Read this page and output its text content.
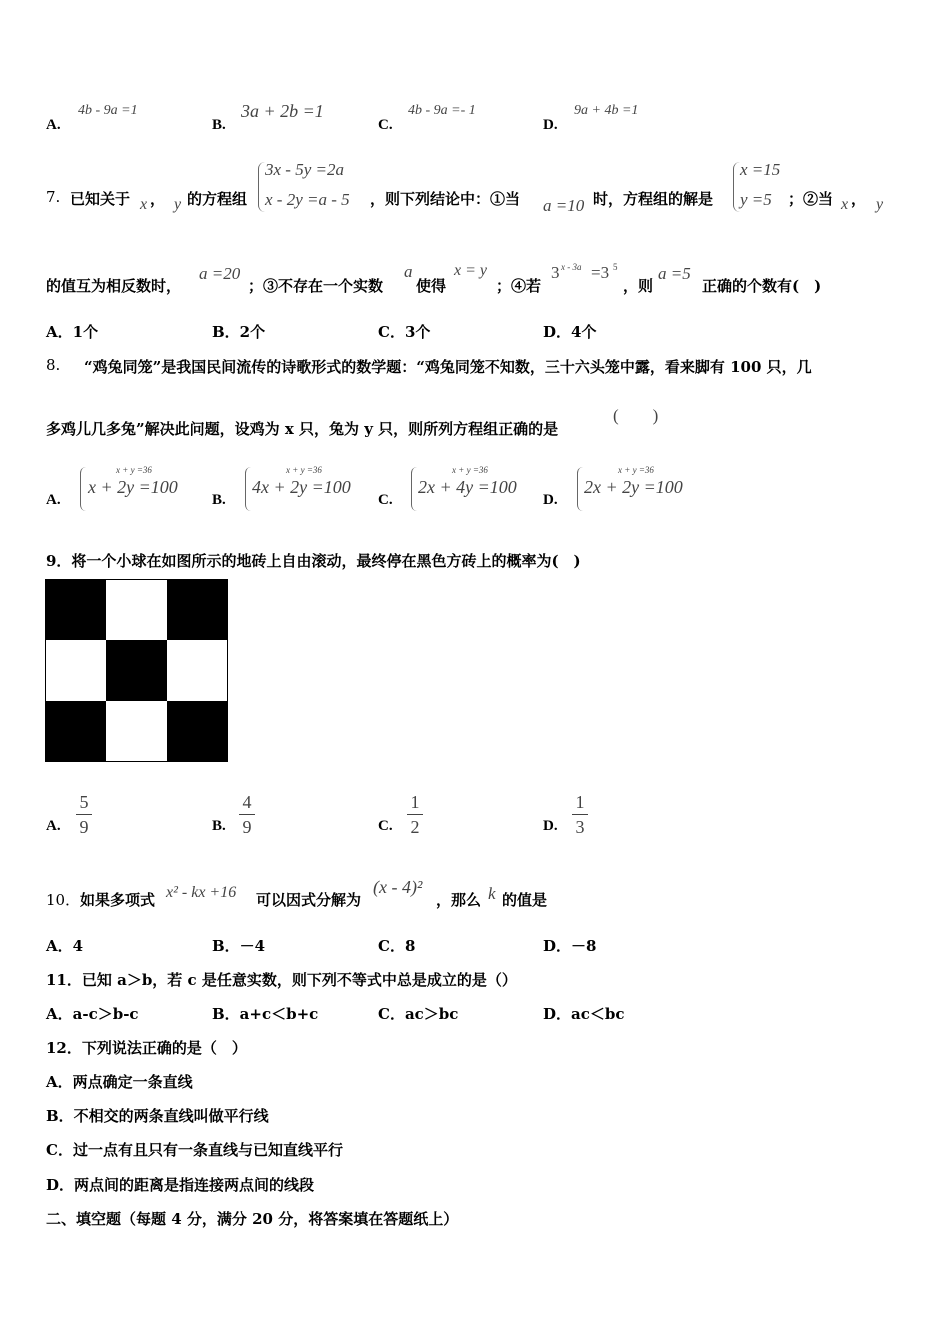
A.
4b - 9a =1
B.
3a + 2b =1
C.
4b - 9a =- 1
D.
9a + 4b =1
7. 已知关于 x ， y 的方程组
3x - 5y =2a
x - 2y =a - 5 ，则下列结论中：①当 a =10 时，方程组的解是
x =15
y =5 ；②当 x ， y
的值互为相反数时，
a =20
；③不存在一个实数
a
使得
x = y
；④若
3 x - 3a =3 5
，则
a =5
正确的个数有(　)
A．1个	B．2个	C．3个	D．4个
8. “鸡兔同笼”是我国民间流传的诗歌形式的数学题：“鸡兔同笼不知数，三十六头笼中露，看来脚有 100 只，几
多鸡儿几多兔”解决此问题，设鸡为 x 只，兔为 y 只，则所列方程组正确的是
(　　)
A.
x + y =36
x + 2y =100
B.
x + y =36
4x + 2y =100
C.
x + y =36
2x + 4y =100
D.
x + y =36
2x + 2y =100
9．将一个小球在如图所示的地砖上自由滚动，最终停在黑色方砖上的概率为(　)
A.
5
9	B.
4
9	C.
1
2	D.
1
3
10． 如果多项式 x² - kx +16 可以因式分解为
(x - 4)²
，那么 k 的值是
A．4	B．－4	C．8	D．－8
11．已知 a＞b，若 c 是任意实数，则下列不等式中总是成立的是（）
A．a-c＞b-c	B．a+c＜b+c	C．ac＞bc	D．ac＜bc
12．下列说法正确的是（　）
A．两点确定一条直线
B．不相交的两条直线叫做平行线
C．过一点有且只有一条直线与已知直线平行
D．两点间的距离是指连接两点间的线段
二、填空题（每题 4 分，满分 20 分，将答案填在答题纸上）
